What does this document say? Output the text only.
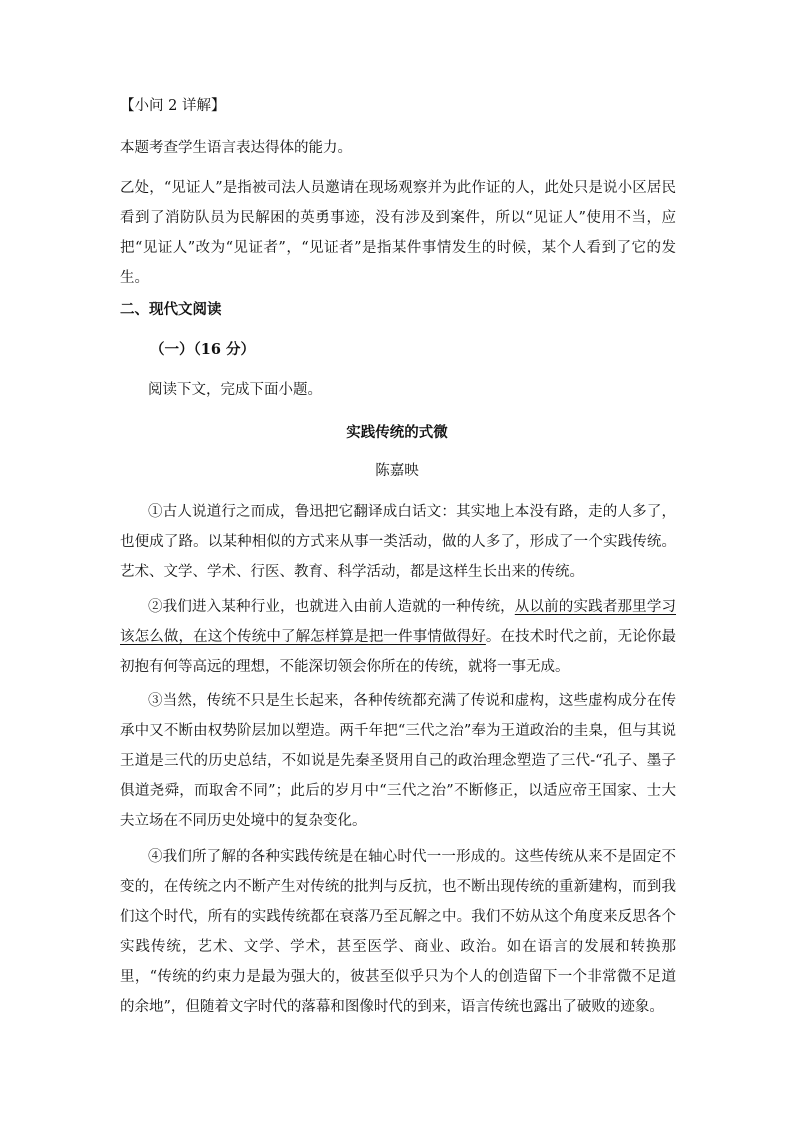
【小问 2 详解】
本题考查学生语言表达得体的能力。
乙处，“见证人”是指被司法人员邀请在现场观察并为此作证的人，此处只是说小区居民看到了消防队员为民解困的英勇事迹，没有涉及到案件，所以“见证人”使用不当，应把“见证人”改为“见证者”，“见证者”是指某件事情发生的时候，某个人看到了它的发生。
二、现代文阅读
（一）（16 分）
阅读下文，完成下面小题。
实践传统的式微
陈嘉映
①古人说道行之而成，鲁迅把它翻译成白话文：其实地上本没有路，走的人多了，也便成了路。以某种相似的方式来从事一类活动，做的人多了，形成了一个实践传统。艺术、文学、学术、行医、教育、科学活动，都是这样生长出来的传统。
②我们进入某种行业，也就进入由前人造就的一种传统，从以前的实践者那里学习该怎么做，在这个传统中了解怎样算是把一件事情做得好。在技术时代之前，无论你最初抱有何等高远的理想，不能深切领会你所在的传统，就将一事无成。
③当然，传统不只是生长起来，各种传统都充满了传说和虚构，这些虚构成分在传承中又不断由权势阶层加以塑造。两千年把“三代之治”奉为王道政治的圭臬，但与其说王道是三代的历史总结，不如说是先秦圣贤用自己的政治理念塑造了三代-“孔子、墨子俱道尧舜，而取舍不同”；此后的岁月中“三代之治”不断修正，以适应帝王国家、士大夫立场在不同历史处境中的复杂变化。
④我们所了解的各种实践传统是在轴心时代一一形成的。这些传统从来不是固定不变的，在传统之内不断产生对传统的批判与反抗，也不断出现传统的重新建构，而到我们这个时代，所有的实践传统都在衰落乃至瓦解之中。我们不妨从这个角度来反思各个实践传统，艺术、文学、学术，甚至医学、商业、政治。如在语言的发展和转换那里，“传统的约束力是最为强大的，彼甚至似乎只为个人的创造留下一个非常微不足道的余地”，但随着文字时代的落幕和图像时代的到来，语言传统也露出了破败的迹象。
